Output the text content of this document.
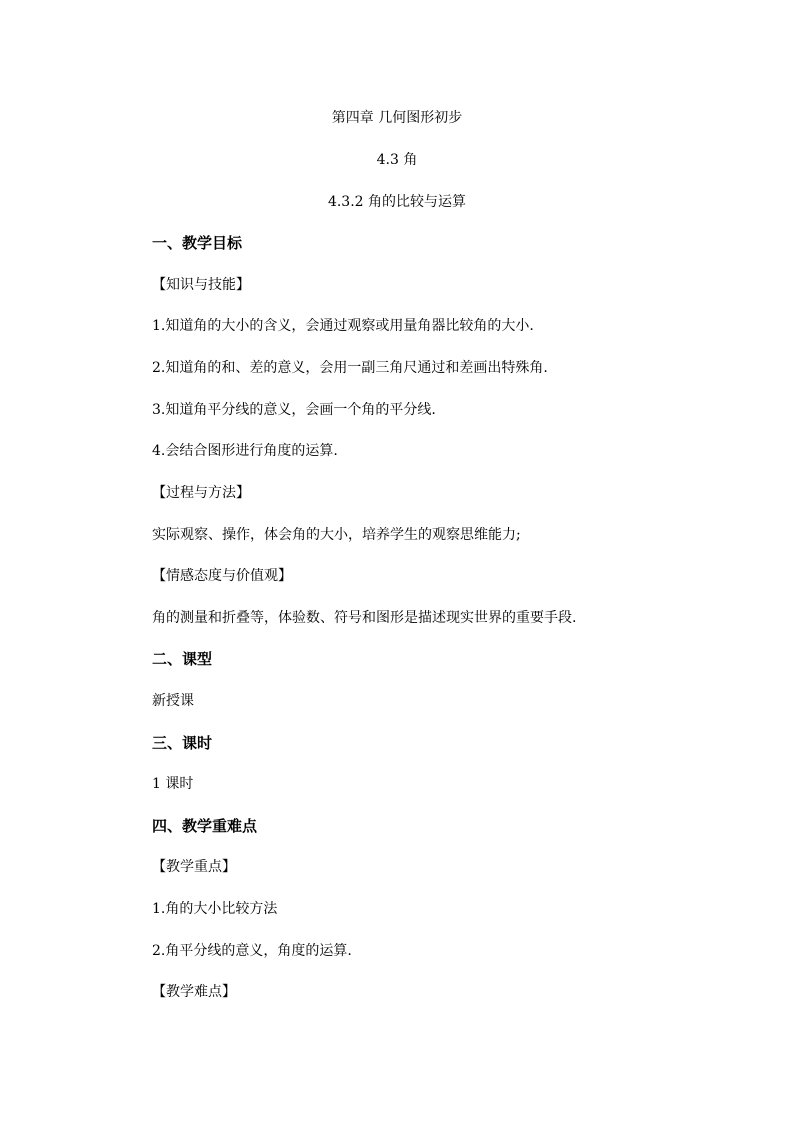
第四章 几何图形初步
4.3 角
4.3.2 角的比较与运算
一、教学目标
【知识与技能】
1.知道角的大小的含义，会通过观察或用量角器比较角的大小.
2.知道角的和、差的意义，会用一副三角尺通过和差画出特殊角.
3.知道角平分线的意义，会画一个角的平分线.
4.会结合图形进行角度的运算.
【过程与方法】
实际观察、操作，体会角的大小，培养学生的观察思维能力;
【情感态度与价值观】
角的测量和折叠等，体验数、符号和图形是描述现实世界的重要手段.
二、课型
新授课
三、课时
1 课时
四、教学重难点
【教学重点】
1.角的大小比较方法
2.角平分线的意义，角度的运算.
【教学难点】
